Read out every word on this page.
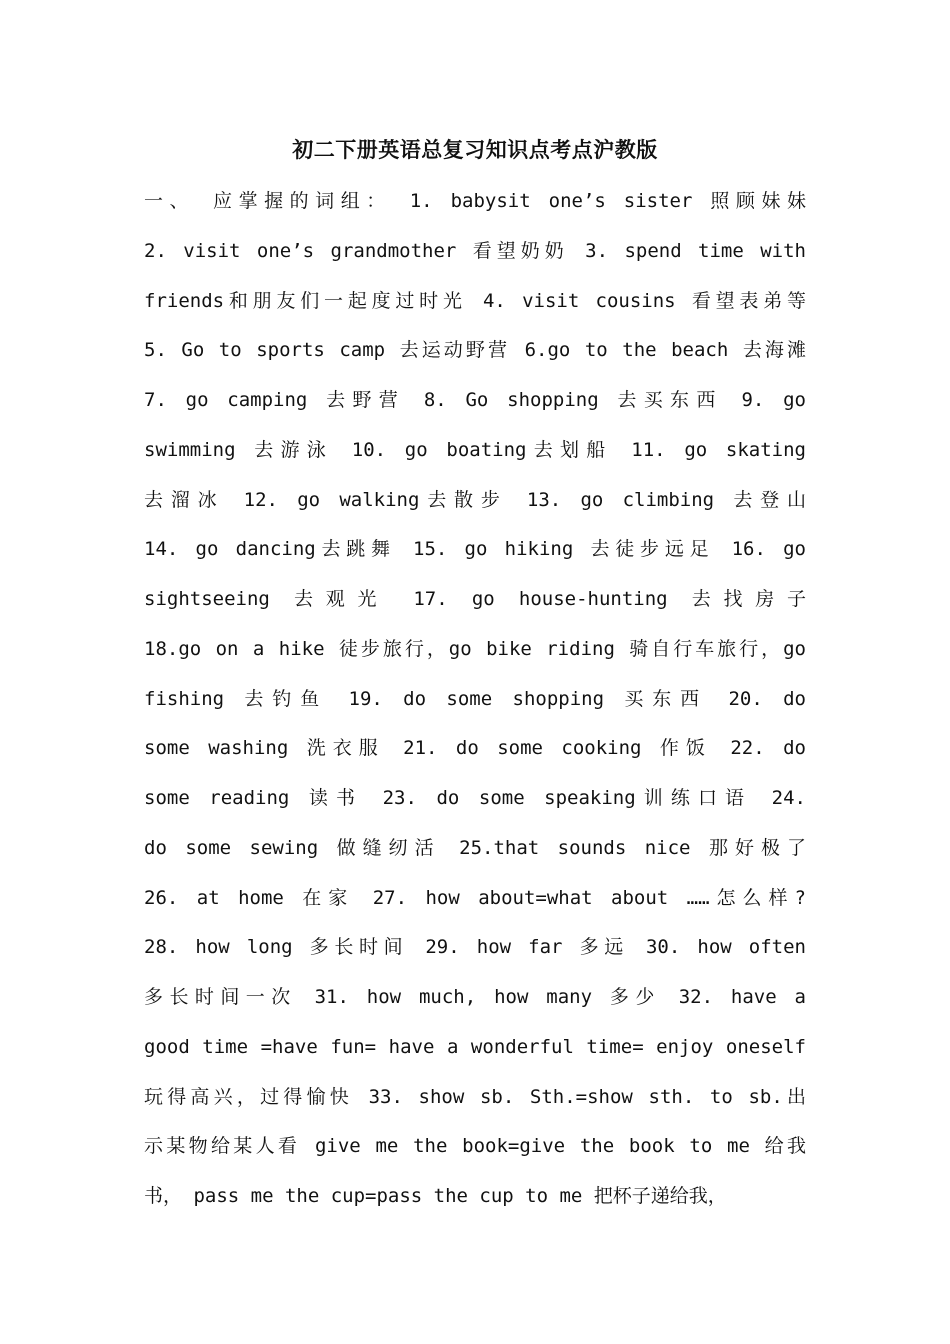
初二下册英语总复习知识点考点沪教版
一、 应掌握的词组： 1. babysit one’s sister 照顾妹妹
2. visit one’s grandmother 看望奶奶 3. spend time with
friends和朋友们一起度过时光 4. visit cousins 看望表弟等
5. Go to sports camp 去运动野营 6.go to the beach 去海滩
7. go camping 去野营 8. Go shopping 去买东西 9. go
swimming 去游泳 10. go boating去划船 11. go skating
去溜冰 12. go walking去散步 13. go climbing 去登山
14. go dancing去跳舞 15. go hiking 去徒步远足 16. go
sightseeing 去观光 17. go house-hunting 去找房子
18.go on a hike 徒步旅行，go bike riding 骑自行车旅行，go
fishing 去钓鱼 19. do some shopping 买东西 20. do
some washing 洗衣服 21. do some cooking 作饭 22. do
some reading 读书 23. do some speaking训练口语 24.
do some sewing 做缝纫活 25.that sounds nice 那好极了
26. at home 在家 27. how about=what about ……怎么样?
28. how long 多长时间 29. how far 多远 30. how often
多长时间一次 31. how much, how many 多少 32. have a
good time =have fun= have a wonderful time= enjoy oneself
玩得高兴，过得愉快 33. show sb. Sth.=show sth. to sb.出
示某物给某人看 give me the book=give the book to me 给我
书， pass me the cup=pass the cup to me 把杯子递给我，
